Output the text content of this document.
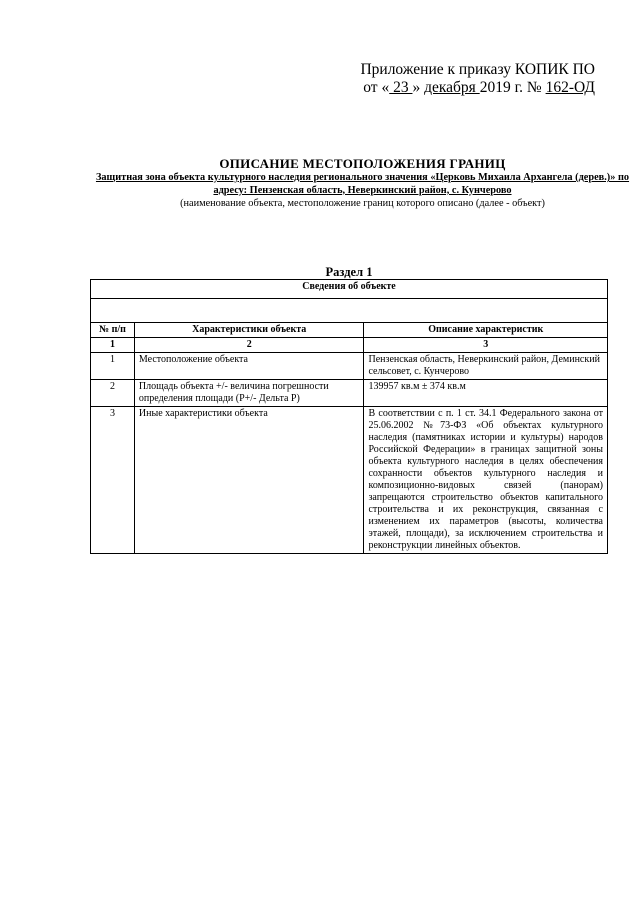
Приложение к приказу КОПИК ПО
от « 23 » декабря 2019 г. № 162-ОД
ОПИСАНИЕ МЕСТОПОЛОЖЕНИЯ ГРАНИЦ
Защитная зона объекта культурного наследия регионального значения «Церковь Михаила Архангела (дерев.)» по адресу: Пензенская область, Неверкинский район, с. Кунчерово
(наименование объекта, местоположение границ которого описано (далее - объект)
Раздел 1
Сведения об объекте		

№ п/п	Характеристики объекта	Описание характеристик
1	2	3
1	Местоположение объекта	Пензенская область, Неверкинский район, Деминский сельсовет, с. Кунчерово
2	Площадь объекта +/- величина погрешности определения площади (Р+/- Дельта Р)	139957 кв.м ± 374 кв.м
3	Иные характеристики объекта	В соответствии с п. 1 ст. 34.1 Федерального закона от 25.06.2002 №73-ФЗ «Об объектах культурного наследия (памятниках истории и культуры) народов Российской Федерации» в границах защитной зоны объекта культурного наследия в целях обеспечения сохранности объектов культурного наследия и композиционно-видовых связей (панорам) запрещаются строительство объектов капитального строительства и их реконструкция, связанная с изменением их параметров (высоты, количества этажей, площади), за исключением строительства и реконструкции линейных объектов.
